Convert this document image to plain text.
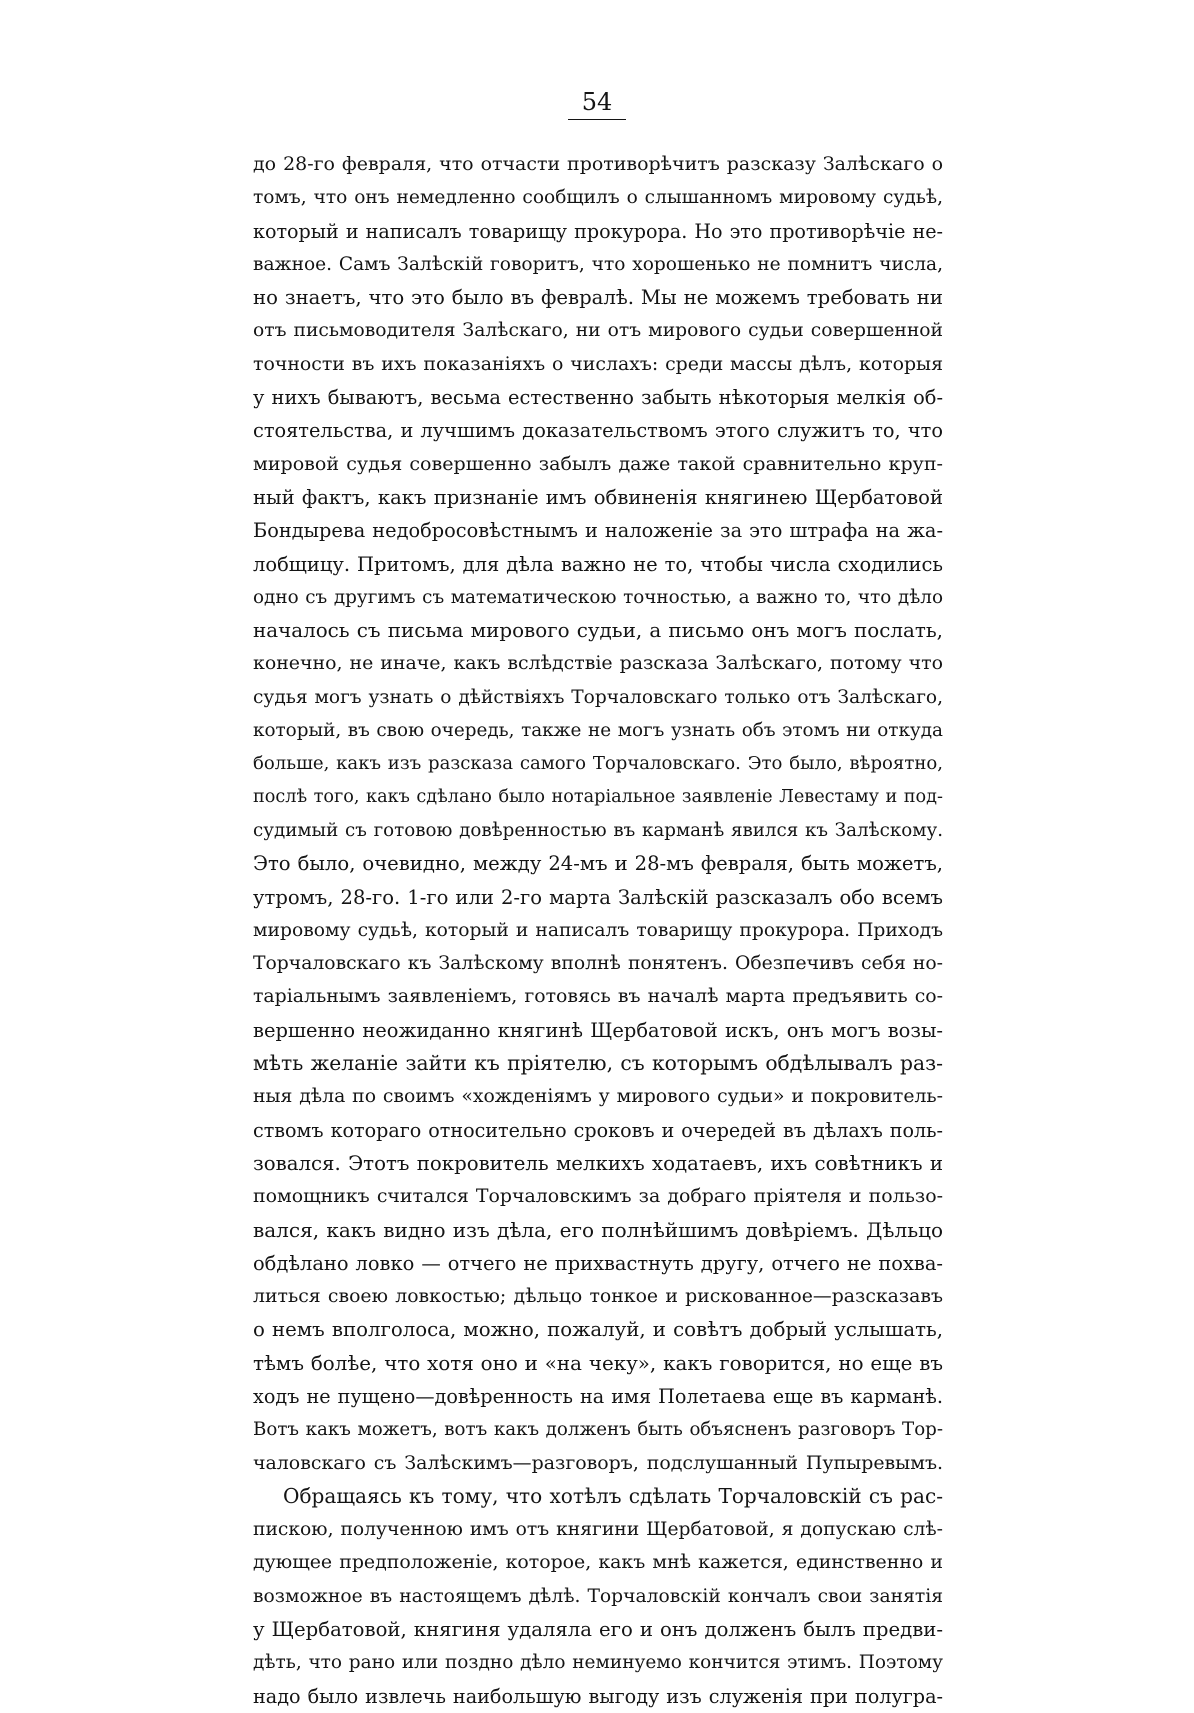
54
до 28-го февраля, что отчасти противорѣчитъ разсказу Залѣскаго о
томъ, что онъ немедленно сообщилъ о слышанномъ мировому судьѣ,
который и написалъ товарищу прокурора. Но это противорѣчіе не-
важное. Самъ Залѣскій говоритъ, что хорошенько не помнитъ числа,
но знаетъ, что это было въ февралѣ. Мы не можемъ требовать ни
отъ письмоводителя Залѣскаго, ни отъ мирового судьи совершенной
точности въ ихъ показаніяхъ о числахъ: среди массы дѣлъ, которыя
у нихъ бываютъ, весьма естественно забыть нѣкоторыя мелкія об-
стоятельства, и лучшимъ доказательствомъ этого служитъ то, что
мировой судья совершенно забылъ даже такой сравнительно круп-
ный фактъ, какъ признаніе имъ обвиненія княгинею Щербатовой
Бондырева недобросовѣстнымъ и наложеніе за это штрафа на жа-
лобщицу. Притомъ, для дѣла важно не то, чтобы числа сходились
одно съ другимъ съ математическою точностью, а важно то, что дѣло
началось съ письма мирового судьи, а письмо онъ могъ послать,
конечно, не иначе, какъ вслѣдствіе разсказа Залѣскаго, потому что
судья могъ узнать о дѣйствіяхъ Торчаловскаго только отъ Залѣскаго,
который, въ свою очередь, также не могъ узнать объ этомъ ни откуда
больше, какъ изъ разсказа самого Торчаловскаго. Это было, вѣроятно,
послѣ того, какъ сдѣлано было нотаріальное заявленіе Левестаму и под-
судимый съ готовою довѣренностью въ карманѣ явился къ Залѣскому.
Это было, очевидно, между 24-мъ и 28-мъ февраля, быть можетъ,
утромъ, 28-го. 1-го или 2-го марта Залѣскій разсказалъ обо всемъ
мировому судьѣ, который и написалъ товарищу прокурора. Приходъ
Торчаловскаго къ Залѣскому вполнѣ понятенъ. Обезпечивъ себя но-
таріальнымъ заявленіемъ, готовясь въ началѣ марта предъявить со-
вершенно неожиданно княгинѣ Щербатовой искъ, онъ могъ возы-
мѣть желаніе зайти къ пріятелю, съ которымъ обдѣлывалъ раз-
ныя дѣла по своимъ «хожденіямъ у мирового судьи» и покровитель-
ствомъ котораго относительно сроковъ и очередей въ дѣлахъ поль-
зовался. Этотъ покровитель мелкихъ ходатаевъ, ихъ совѣтникъ и
помощникъ считался Торчаловскимъ за добраго пріятеля и пользо-
вался, какъ видно изъ дѣла, его полнѣйшимъ довѣріемъ. Дѣльцо
обдѣлано ловко — отчего не прихвастнуть другу, отчего не похва-
литься своею ловкостью; дѣльцо тонкое и рискованное—разсказавъ
о немъ вполголоса, можно, пожалуй, и совѣтъ добрый услышать,
тѣмъ болѣе, что хотя оно и «на чеку», какъ говорится, но еще въ
ходъ не пущено—довѣренность на имя Полетаева еще въ карманѣ.
Вотъ какъ можетъ, вотъ какъ долженъ быть объясненъ разговоръ Тор-
чаловскаго съ Залѣскимъ—разговоръ, подслушанный Пупыревымъ.
Обращаясь къ тому, что хотѣлъ сдѣлать Торчаловскій съ рас-
пискою, полученною имъ отъ княгини Щербатовой, я допускаю слѣ-
дующее предположеніе, которое, какъ мнѣ кажется, единственно и
возможное въ настоящемъ дѣлѣ. Торчаловскій кончалъ свои занятія
у Щербатовой, княгиня удаляла его и онъ долженъ былъ предви-
дѣть, что рано или поздно дѣло неминуемо кончится этимъ. Поэтому
надо было извлечь наибольшую выгоду изъ служенія при полугра-
